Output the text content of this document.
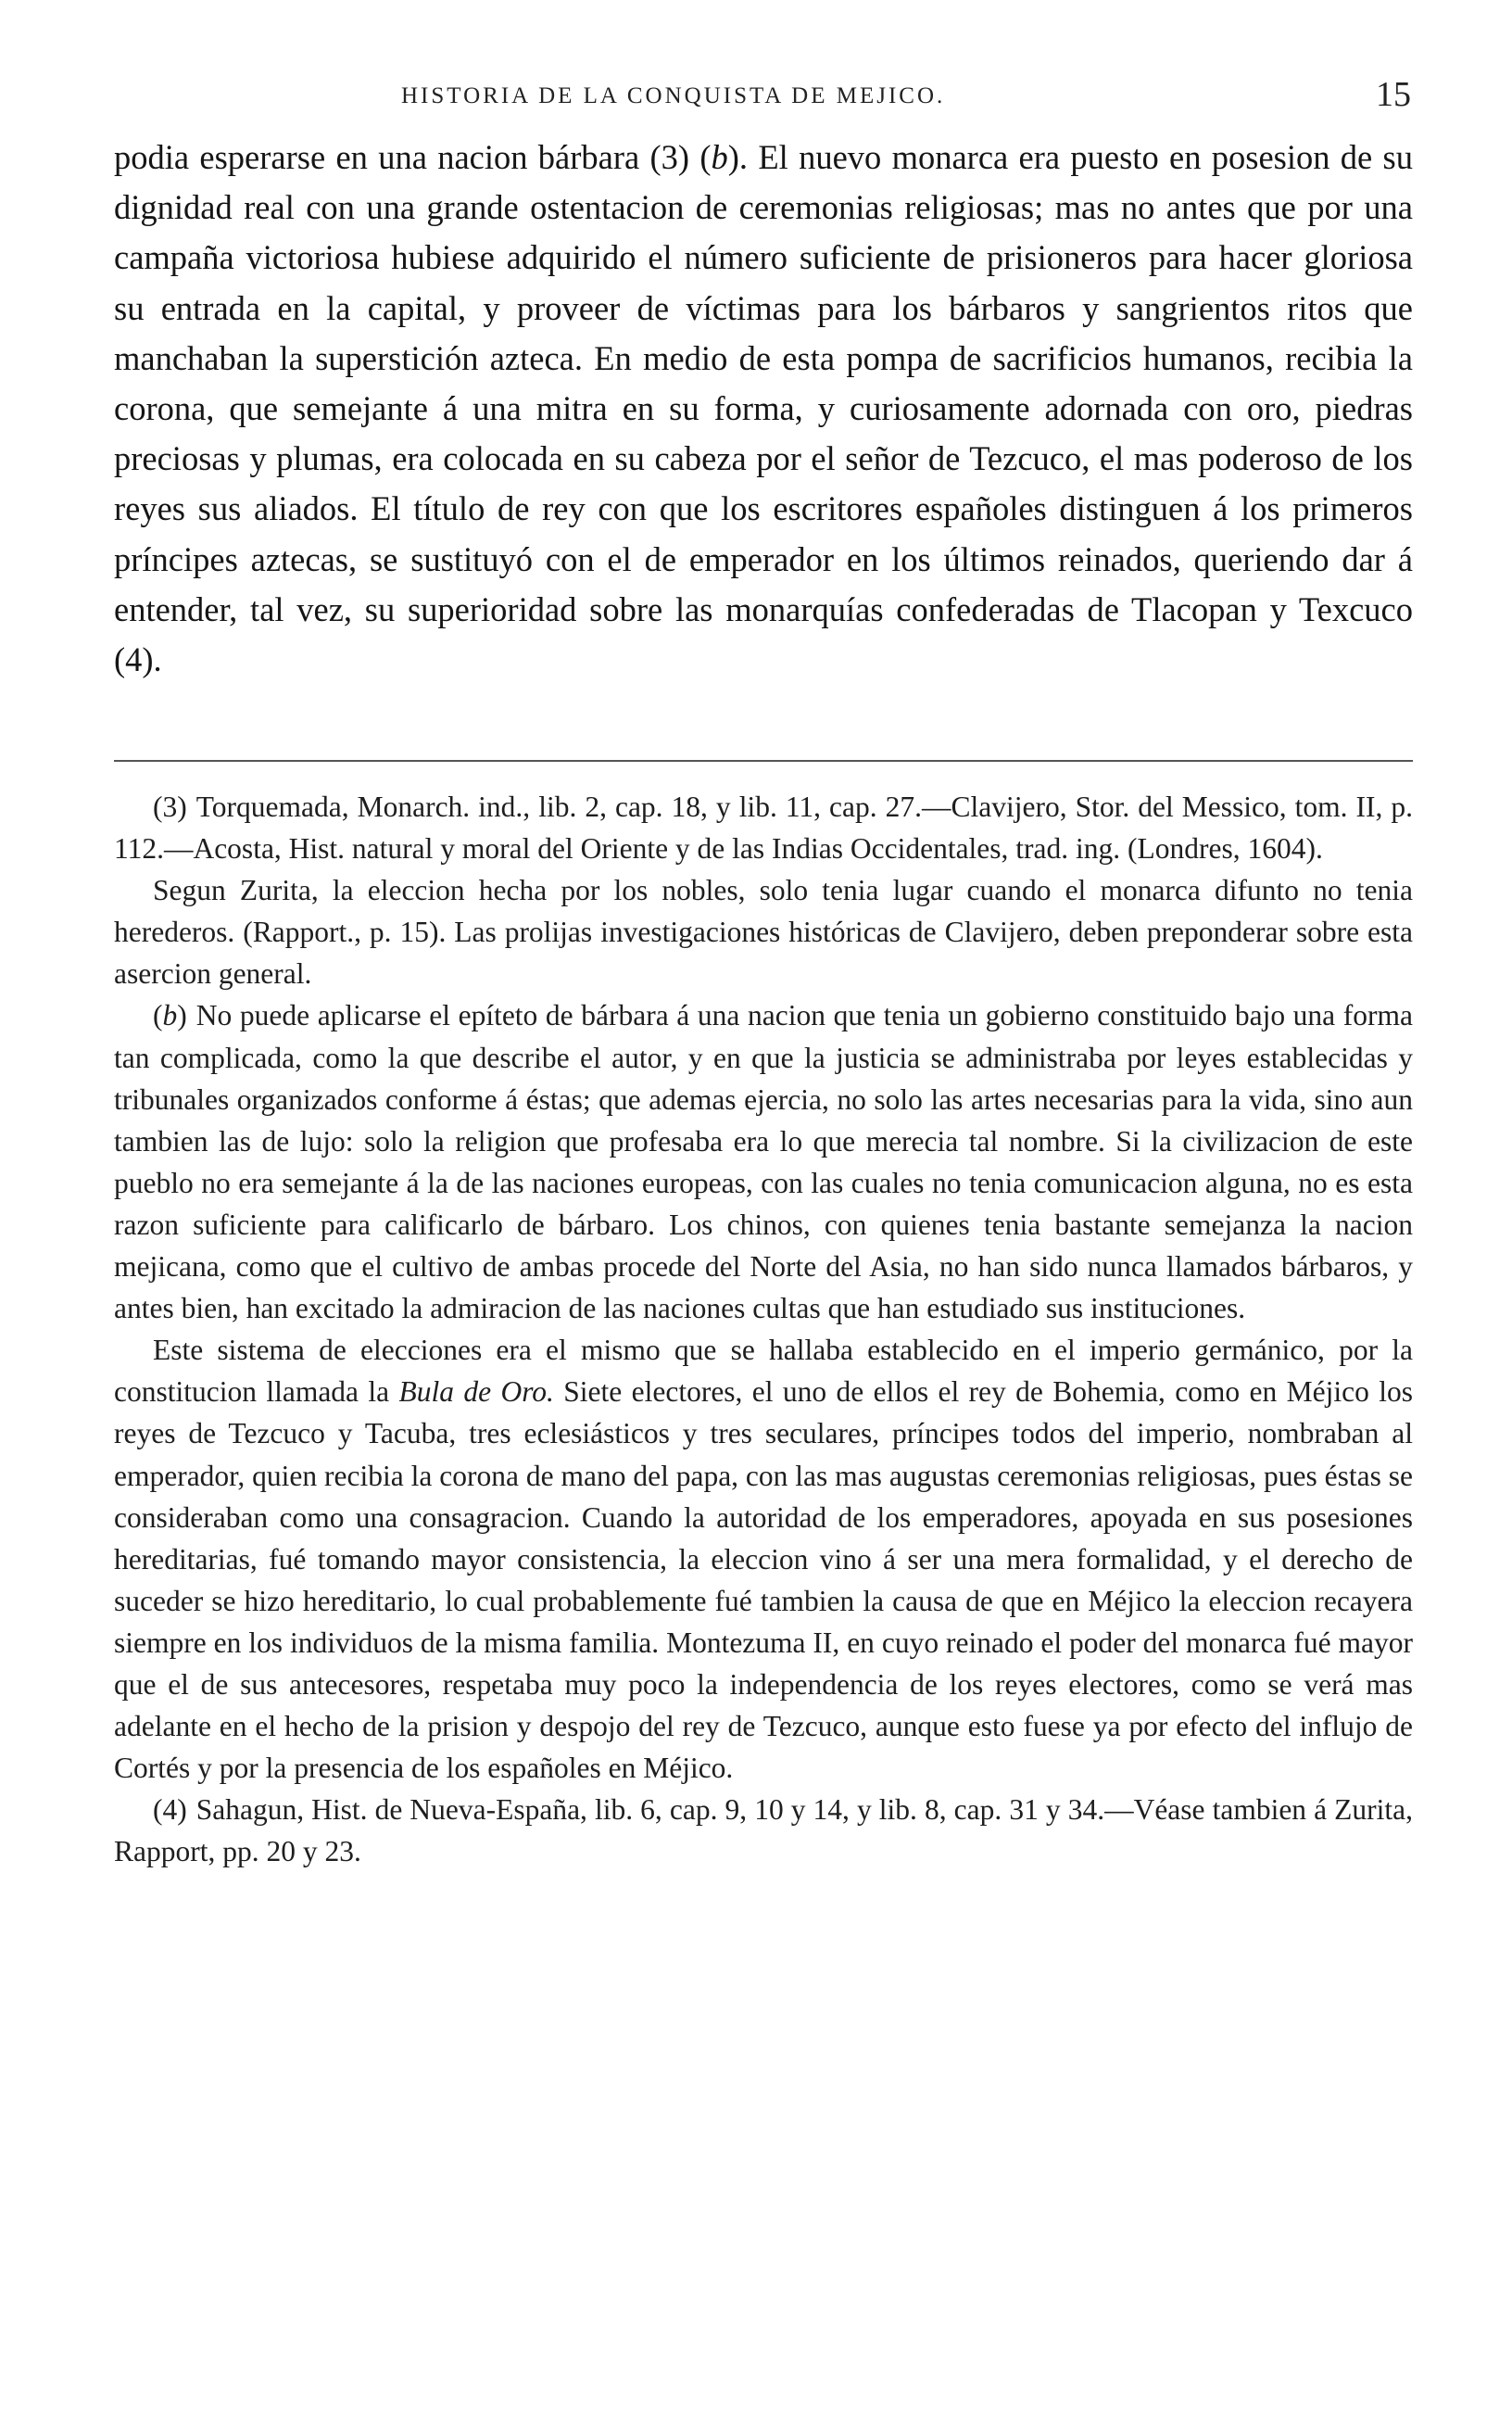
HISTORIA DE LA CONQUISTA DE MEJICO.	15

podia esperarse en una nacion bárbara (3) (b). El nuevo monarca era puesto en posesion de su dignidad real con una grande ostentacion de ceremonias religiosas; mas no antes que por una campaña victoriosa hubiese adquirido el número suficiente de prisioneros para hacer gloriosa su entrada en la capital, y proveer de víctimas para los bárbaros y sangrientos ritos que manchaban la superstición azteca. En medio de esta pompa de sacrificios humanos, recibia la corona, que semejante á una mitra en su forma, y curiosamente adornada con oro, piedras preciosas y plumas, era colocada en su cabeza por el señor de Tezcuco, el mas poderoso de los reyes sus aliados. El título de rey con que los escritores españoles distinguen á los primeros príncipes aztecas, se sustituyó con el de emperador en los últimos reinados, queriendo dar á entender, tal vez, su superioridad sobre las monarquías confederadas de Tlacopan y Texcuco (4).

(3) Torquemada, Monarch. ind., lib. 2, cap. 18, y lib. 11, cap. 27.—Clavijero, Stor. del Messico, tom. II, p. 112.—Acosta, Hist. natural y moral del Oriente y de las Indias Occidentales, trad. ing. (Londres, 1604).

Segun Zurita, la eleccion hecha por los nobles, solo tenia lugar cuando el monarca difunto no tenia herederos. (Rapport., p. 15). Las prolijas investigaciones históricas de Clavijero, deben preponderar sobre esta asercion general.

(b) No puede aplicarse el epíteto de bárbara á una nacion que tenia un gobierno constituido bajo una forma tan complicada, como la que describe el autor, y en que la justicia se administraba por leyes establecidas y tribunales organizados conforme á éstas; que ademas ejercia, no solo las artes necesarias para la vida, sino aun tambien las de lujo: solo la religion que profesaba era lo que merecia tal nombre. Si la civilizacion de este pueblo no era semejante á la de las naciones europeas, con las cuales no tenia comunicacion alguna, no es esta razon suficiente para calificarlo de bárbaro. Los chinos, con quienes tenia bastante semejanza la nacion mejicana, como que el cultivo de ambas procede del Norte del Asia, no han sido nunca llamados bárbaros, y antes bien, han excitado la admiracion de las naciones cultas que han estudiado sus instituciones.

Este sistema de elecciones era el mismo que se hallaba establecido en el imperio germánico, por la constitucion llamada la Bula de Oro. Siete electores, el uno de ellos el rey de Bohemia, como en Méjico los reyes de Tezcuco y Tacuba, tres eclesiásticos y tres seculares, príncipes todos del imperio, nombraban al emperador, quien recibia la corona de mano del papa, con las mas augustas ceremonias religiosas, pues éstas se consideraban como una consagracion. Cuando la autoridad de los emperadores, apoyada en sus posesiones hereditarias, fué tomando mayor consistencia, la eleccion vino á ser una mera formalidad, y el derecho de suceder se hizo hereditario, lo cual probablemente fué tambien la causa de que en Méjico la eleccion recayera siempre en los individuos de la misma familia. Montezuma II, en cuyo reinado el poder del monarca fué mayor que el de sus antecesores, respetaba muy poco la independencia de los reyes electores, como se verá mas adelante en el hecho de la prision y despojo del rey de Tezcuco, aunque esto fuese ya por efecto del influjo de Cortés y por la presencia de los españoles en Méjico.

(4) Sahagun, Hist. de Nueva-España, lib. 6, cap. 9, 10 y 14, y lib. 8, cap. 31 y 34.—Véase tambien á Zurita, Rapport, pp. 20 y 23.
